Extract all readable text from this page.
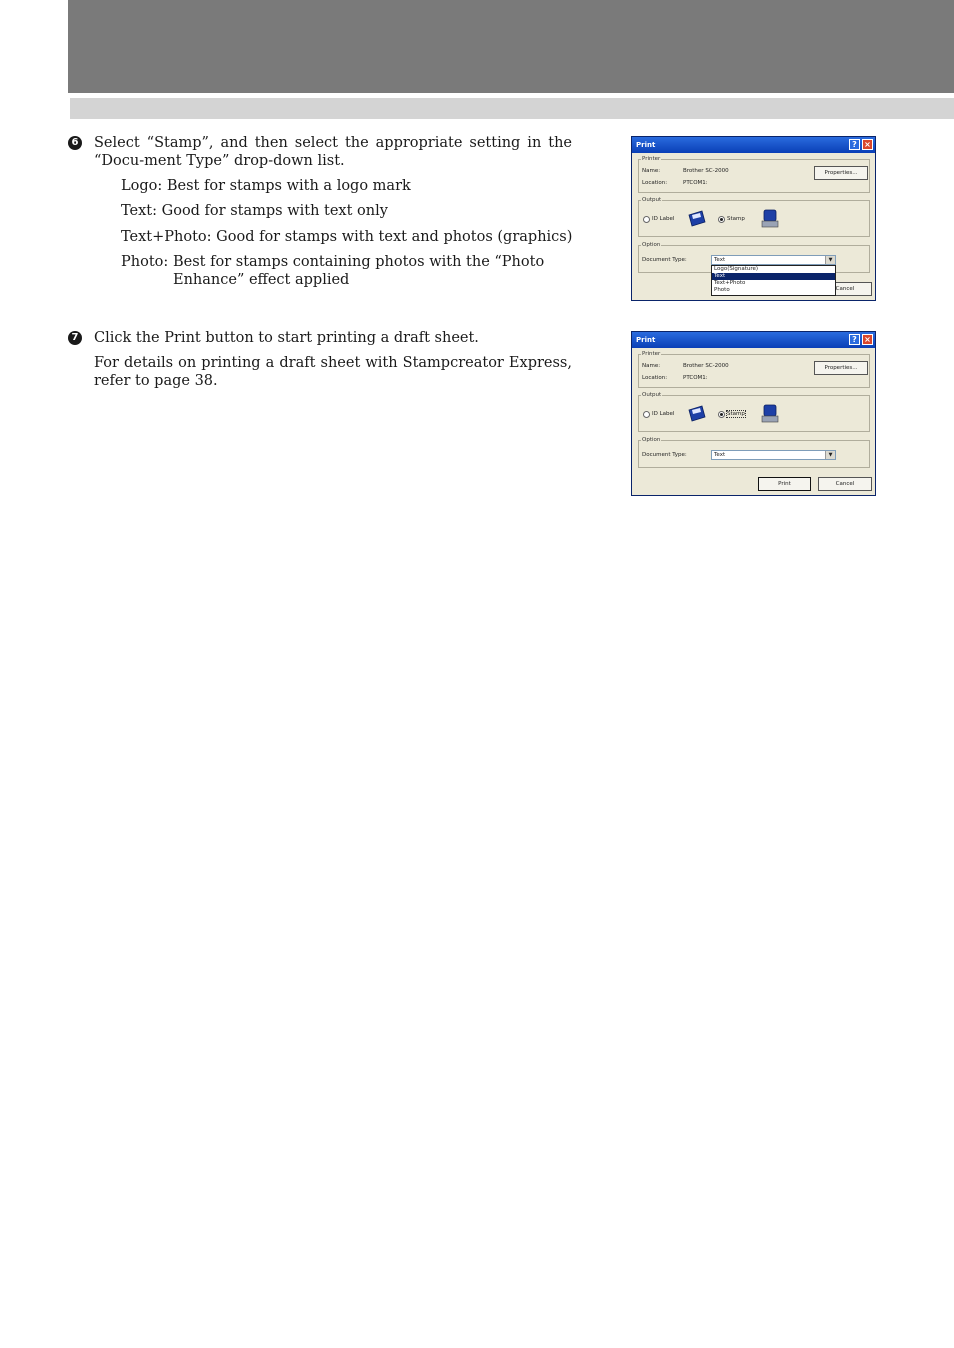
6 Select “Stamp”, and then select the appropriate setting in the “Docu-ment Type” drop-down list.
Logo: Best for stamps with a logo mark
Text: Good for stamps with text only
Text+Photo: Good for stamps with text and photos (graphics)
Photo: Best for stamps containing photos with the “Photo Enhance” effect applied
7 Click the Print button to start printing a draft sheet.
For details on printing a draft sheet with Stampcreator Express, refer to page 38.
Print	? ×
Printer
Name:	Brother SC-2000
Location:	PTCOM1:
Properties...
Output
ID Label	Stamp
Option
Document Type:	Text	▼
Cancel
Logo(Signature)
Text
Text+Photo
Photo
Print	? ×
Printer
Name:	Brother SC-2000
Location:	PTCOM1:
Properties...
Output
ID Label	Stamp
Option
Document Type:	Text	▼
Print	Cancel
